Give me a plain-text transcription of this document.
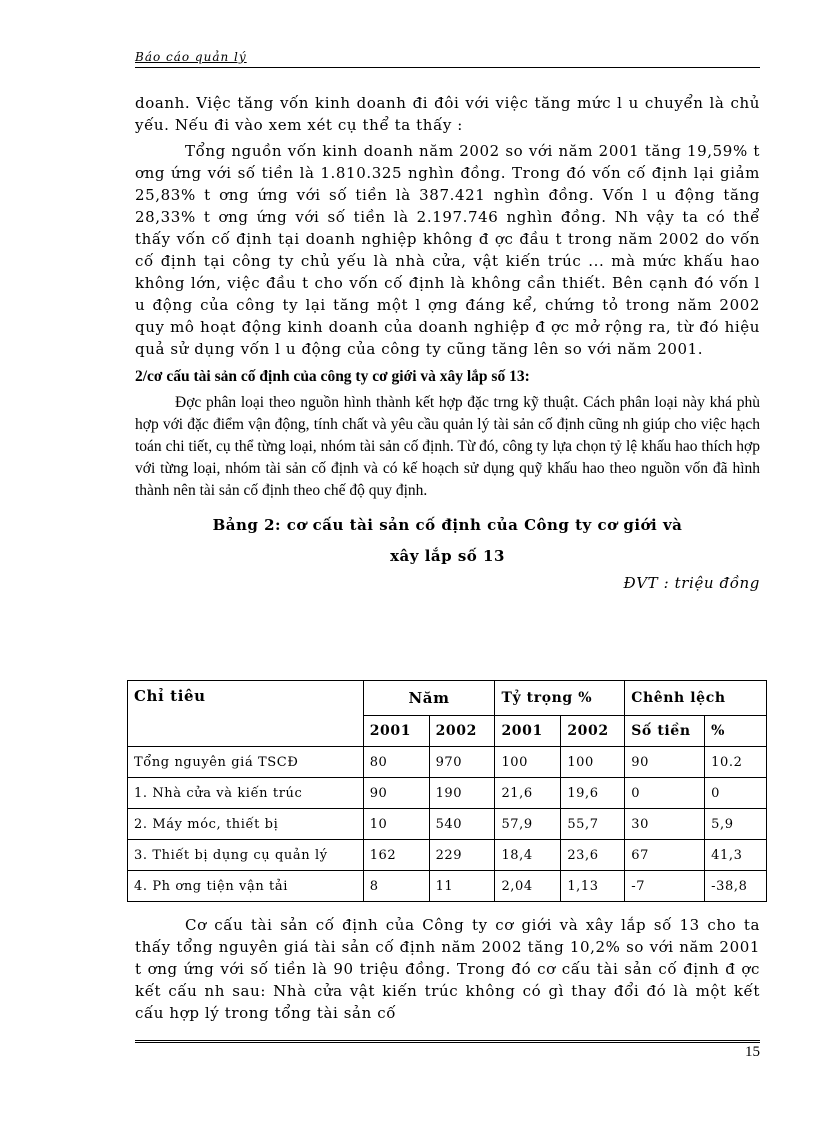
Báo cáo quản lý

doanh. Việc tăng vốn kinh doanh đi đôi với việc tăng mức l u chuyển là chủ yếu. Nếu đi vào xem xét cụ thể ta thấy :

Tổng nguồn vốn kinh doanh năm 2002 so với năm 2001 tăng 19,59% t ơng ứng với số tiền là 1.810.325 nghìn đồng. Trong đó vốn cố định lại giảm 25,83% t ơng ứng với số tiền là 387.421 nghìn đồng. Vốn l u động tăng 28,33% t ơng ứng với số tiền là 2.197.746 nghìn đồng. Nh vậy ta có thể thấy vốn cố định tại doanh nghiệp không đ ợc đầu t trong năm 2002 do vốn cố định tại công ty chủ yếu là nhà cửa, vật kiến trúc ... mà mức khấu hao không lớn, việc đầu t cho vốn cố định là không cần thiết. Bên cạnh đó vốn l u động của công ty lại tăng một l ợng đáng kể, chứng tỏ trong năm 2002 quy mô hoạt động kinh doanh của doanh nghiệp đ ợc mở rộng ra, từ đó hiệu quả sử dụng vốn l u động của công ty cũng tăng lên so với năm 2001.

2/cơ cấu tài sản cố định của công ty cơ giới và xây lắp số 13:

Đợc phân loại theo nguồn hình thành kết hợp đặc trng kỹ thuật. Cách phân loại này khá phù hợp với đặc điểm vận động, tính chất và yêu cầu quản lý tài sản cố định cũng nh giúp cho việc hạch toán chi tiết, cụ thể từng loại, nhóm tài sản cố định. Từ đó, công ty lựa chọn tỷ lệ khấu hao thích hợp với từng loại, nhóm tài sản cố định và có kế hoạch sử dụng quỹ khấu hao theo nguồn vốn đã hình thành nên tài sản cố định theo chế độ quy định.

Bảng 2: cơ cấu tài sản cố định của Công ty cơ giới và

xây lắp số 13

ĐVT : triệu đồng

Chỉ tiêu	Năm		Tỷ trọng %		Chênh lệch	
	2001	2002	2001	2002	Số tiền	%
Tổng nguyên giá TSCĐ	80	970	100	100	90	10.2
1. Nhà cửa và kiến trúc	90	190	21,6	19,6	0	0
2. Máy móc, thiết bị	10	540	57,9	55,7	30	5,9
3. Thiết bị dụng cụ quản lý	162	229	18,4	23,6	67	41,3
4. Ph ơng tiện vận tải	8	11	2,04	1,13	-7	-38,8

Cơ cấu tài sản cố định của Công ty cơ giới và xây lắp số 13 cho ta thấy tổng nguyên giá tài sản cố định năm 2002 tăng 10,2% so với năm 2001 t ơng ứng với số tiền là 90 triệu đồng. Trong đó cơ cấu tài sản cố định đ ợc kết cấu nh sau: Nhà cửa vật kiến trúc không có gì thay đổi đó là một kết cấu hợp lý trong tổng tài sản cố

15
